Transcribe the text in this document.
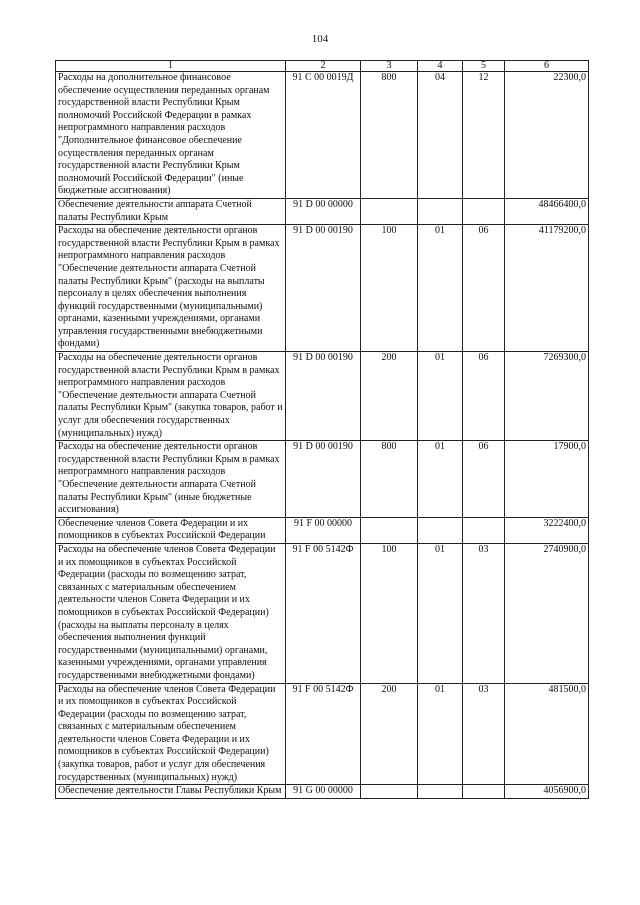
104
1	2	3	4	5	6
Расходы на дополнительное финансовое обеспечение осуществления переданных органам государственной власти Республики Крым полномочий Российской Федерации в рамках непрограммного направления расходов "Дополнительное финансовое обеспечение осуществления переданных органам государственной власти Республики Крым полномочий Российской Федерации" (иные бюджетные ассигнования)	91 С 00 0019Д	800	04	12	22300,0
Обеспечение деятельности аппарата Счетной палаты Республики Крым	91 D 00 00000				48466400,0
Расходы на обеспечение деятельности органов государственной власти Республики Крым в рамках непрограммного направления расходов "Обеспечение деятельности аппарата Счетной палаты Республики Крым" (расходы на выплаты персоналу в целях обеспечения выполнения функций государственными (муниципальными) органами, казенными учреждениями, органами управления государственными внебюджетными фондами)	91 D 00 00190	100	01	06	41179200,0
Расходы на обеспечение деятельности органов государственной власти Республики Крым в рамках непрограммного направления расходов "Обеспечение деятельности аппарата Счетной палаты Республики Крым" (закупка товаров, работ и услуг для обеспечения государственных (муниципальных) нужд)	91 D 00 00190	200	01	06	7269300,0
Расходы на обеспечение деятельности органов государственной власти Республики Крым в рамках непрограммного направления расходов "Обеспечение деятельности аппарата Счетной палаты Республики Крым" (иные бюджетные ассигнования)	91 D 00 00190	800	01	06	17900,0
Обеспечение членов Совета Федерации и их помощников в субъектах Российской Федерации	91 F 00 00000				3222400,0
Расходы на обеспечение членов Совета Федерации и их помощников в субъектах Российской Федерации (расходы по возмещению затрат, связанных с материальным обеспечением деятельности членов Совета Федерации и их помощников в субъектах Российской Федерации) (расходы на выплаты персоналу в целях обеспечения выполнения функций государственными (муниципальными) органами, казенными учреждениями, органами управления государственными внебюджетными фондами)	91 F 00 5142Ф	100	01	03	2740900,0
Расходы на обеспечение членов Совета Федерации и их помощников в субъектах Российской Федерации (расходы по возмещению затрат, связанных с материальным обеспечением деятельности членов Совета Федерации и их помощников в субъектах Российской Федерации) (закупка товаров, работ и услуг для обеспечения государственных (муниципальных) нужд)	91 F 00 5142Ф	200	01	03	481500,0
Обеспечение деятельности Главы Республики Крым	91 G 00 00000				4056900,0
